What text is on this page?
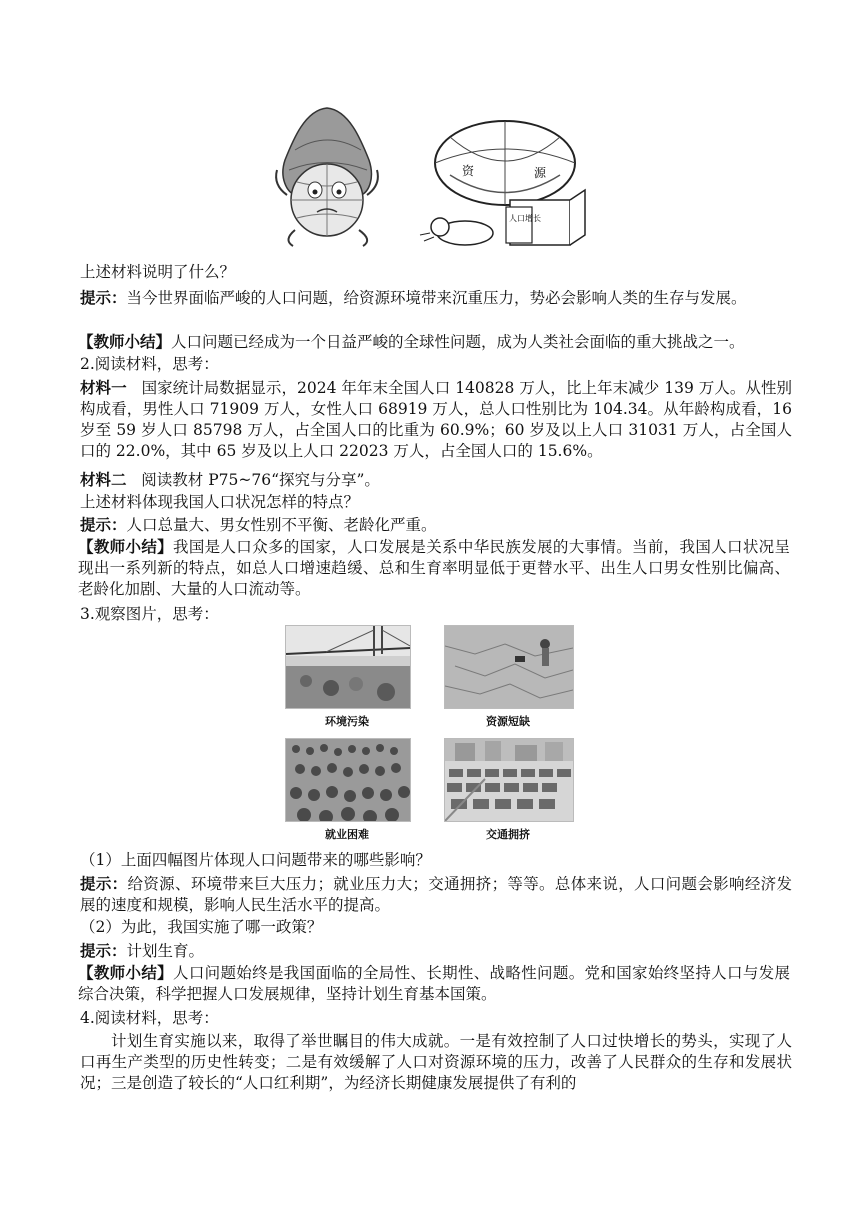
资	源
人口增长
上述材料说明了什么？
提示：当今世界面临严峻的人口问题，给资源环境带来沉重压力，势必会影响人类的生存与发展。
【教师小结】人口问题已经成为一个日益严峻的全球性问题，成为人类社会面临的重大挑战之一。
2.阅读材料，思考：
材料一 国家统计局数据显示，2024 年年末全国人口 140828 万人，比上年末减少 139 万人。从性别构成看，男性人口 71909 万人，女性人口 68919 万人，总人口性别比为 104.34。从年龄构成看，16 岁至 59 岁人口 85798 万人，占全国人口的比重为 60.9%；60 岁及以上人口 31031 万人，占全国人口的 22.0%，其中 65 岁及以上人口 22023 万人，占全国人口的 15.6%。
材料二 阅读教材 P75~76“探究与分享”。
上述材料体现我国人口状况怎样的特点？
提示：人口总量大、男女性别不平衡、老龄化严重。
【教师小结】我国是人口众多的国家，人口发展是关系中华民族发展的大事情。当前，我国人口状况呈现出一系列新的特点，如总人口增速趋缓、总和生育率明显低于更替水平、出生人口男女性别比偏高、老龄化加剧、大量的人口流动等。
3.观察图片，思考：
（1）上面四幅图片体现人口问题带来的哪些影响？
提示：给资源、环境带来巨大压力；就业压力大；交通拥挤；等等。总体来说，人口问题会影响经济发展的速度和规模，影响人民生活水平的提高。
（2）为此，我国实施了哪一政策？
提示：计划生育。
【教师小结】人口问题始终是我国面临的全局性、长期性、战略性问题。党和国家始终坚持人口与发展综合决策，科学把握人口发展规律，坚持计划生育基本国策。
4.阅读材料，思考：
计划生育实施以来，取得了举世瞩目的伟大成就。一是有效控制了人口过快增长的势头，实现了人口再生产类型的历史性转变；二是有效缓解了人口对资源环境的压力，改善了人民群众的生存和发展状况；三是创造了较长的“人口红利期”，为经济长期健康发展提供了有利的
环境污染	资源短缺
就业困难	交通拥挤
